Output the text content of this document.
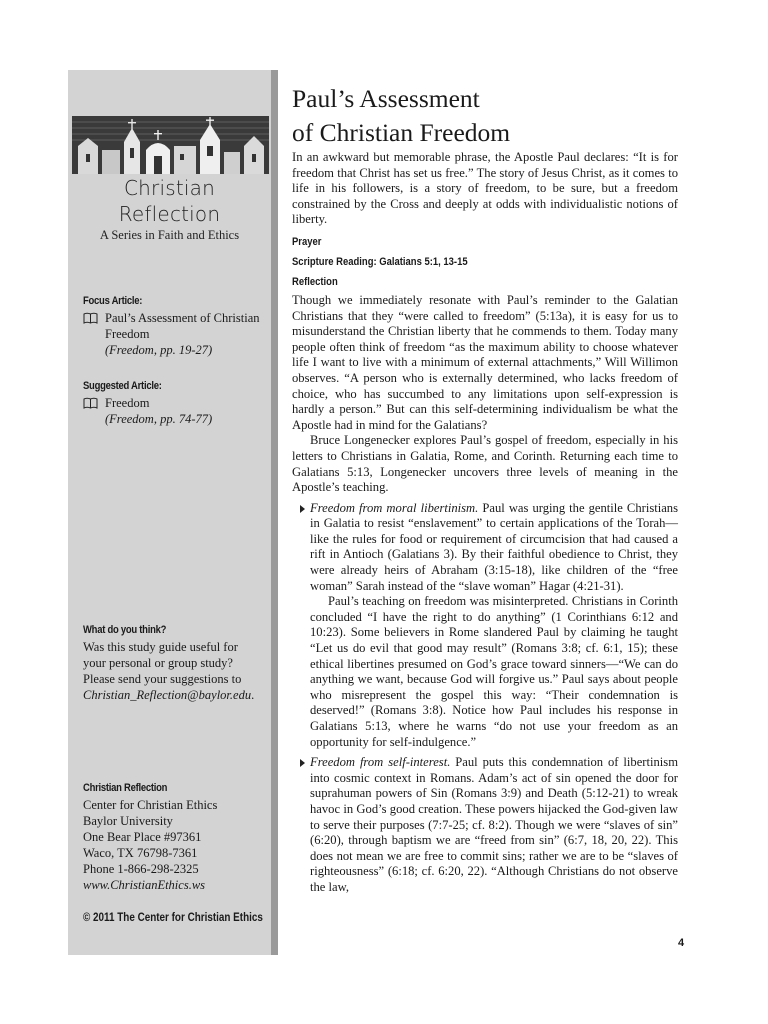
Christian Reflection
A Series in Faith and Ethics
Focus Article:
Paul’s Assessment of Christian Freedom
(Freedom, pp. 19-27)
Suggested Article:
Freedom
(Freedom, pp. 74-77)
What do you think?
Was this study guide useful for your personal or group study? Please send your suggestions to Christian_Reflection@baylor.edu.
Christian Reflection
Center for Christian Ethics
Baylor University
One Bear Place #97361
Waco, TX 76798-7361
Phone 1-866-298-2325
www.ChristianEthics.ws
© 2011 The Center for Christian Ethics
Paul’s Assessment
of Christian Freedom

In an awkward but memorable phrase, the Apostle Paul declares: “It is for freedom that Christ has set us free.” The story of Jesus Christ, as it comes to life in his followers, is a story of freedom, to be sure, but a freedom constrained by the Cross and deeply at odds with individualistic notions of liberty.

Prayer
Scripture Reading: Galatians 5:1, 13-15
Reflection

Though we immediately resonate with Paul’s reminder to the Galatian Christians that they “were called to freedom” (5:13a), it is easy for us to misunderstand the Christian liberty that he commends to them. Today many people often think of freedom “as the maximum ability to choose whatever life I want to live with a minimum of external attachments,” Will Willimon observes. “A person who is externally determined, who lacks freedom of choice, who has succumbed to any limitations upon self-expression is hardly a person.” But can this self-determining individualism be what the Apostle had in mind for the Galatians?

Bruce Longenecker explores Paul’s gospel of freedom, especially in his letters to Christians in Galatia, Rome, and Corinth. Returning each time to Galatians 5:13, Longenecker uncovers three levels of meaning in the Apostle’s teaching.

Freedom from moral libertinism. Paul was urging the gentile Christians in Galatia to resist “enslavement” to certain applications of the Torah—like the rules for food or requirement of circumcision that had caused a rift in Antioch (Galatians 3). By their faithful obedience to Christ, they were already heirs of Abraham (3:15-18), like children of the “free woman” Sarah instead of the “slave woman” Hagar (4:21-31).

Paul’s teaching on freedom was misinterpreted. Christians in Corinth concluded “I have the right to do anything” (1 Corinthians 6:12 and 10:23). Some believers in Rome slandered Paul by claiming he taught “Let us do evil that good may result” (Romans 3:8; cf. 6:1, 15); these ethical libertines presumed on God’s grace toward sinners—“We can do anything we want, because God will forgive us.” Paul says about people who misrepresent the gospel this way: “Their condemnation is deserved!” (Romans 3:8). Notice how Paul includes his response in Galatians 5:13, where he warns “do not use your freedom as an opportunity for self-indulgence.”

Freedom from self-interest. Paul puts this condemnation of libertinism into cosmic context in Romans. Adam’s act of sin opened the door for suprahuman powers of Sin (Romans 3:9) and Death (5:12-21) to wreak havoc in God’s good creation. These powers hijacked the God-given law to serve their purposes (7:7-25; cf. 8:2). Though we were “slaves of sin” (6:20), through baptism we are “freed from sin” (6:7, 18, 20, 22). This does not mean we are free to commit sins; rather we are to be “slaves of righteousness” (6:18; cf. 6:20, 22). “Although Christians do not observe the law,

4
